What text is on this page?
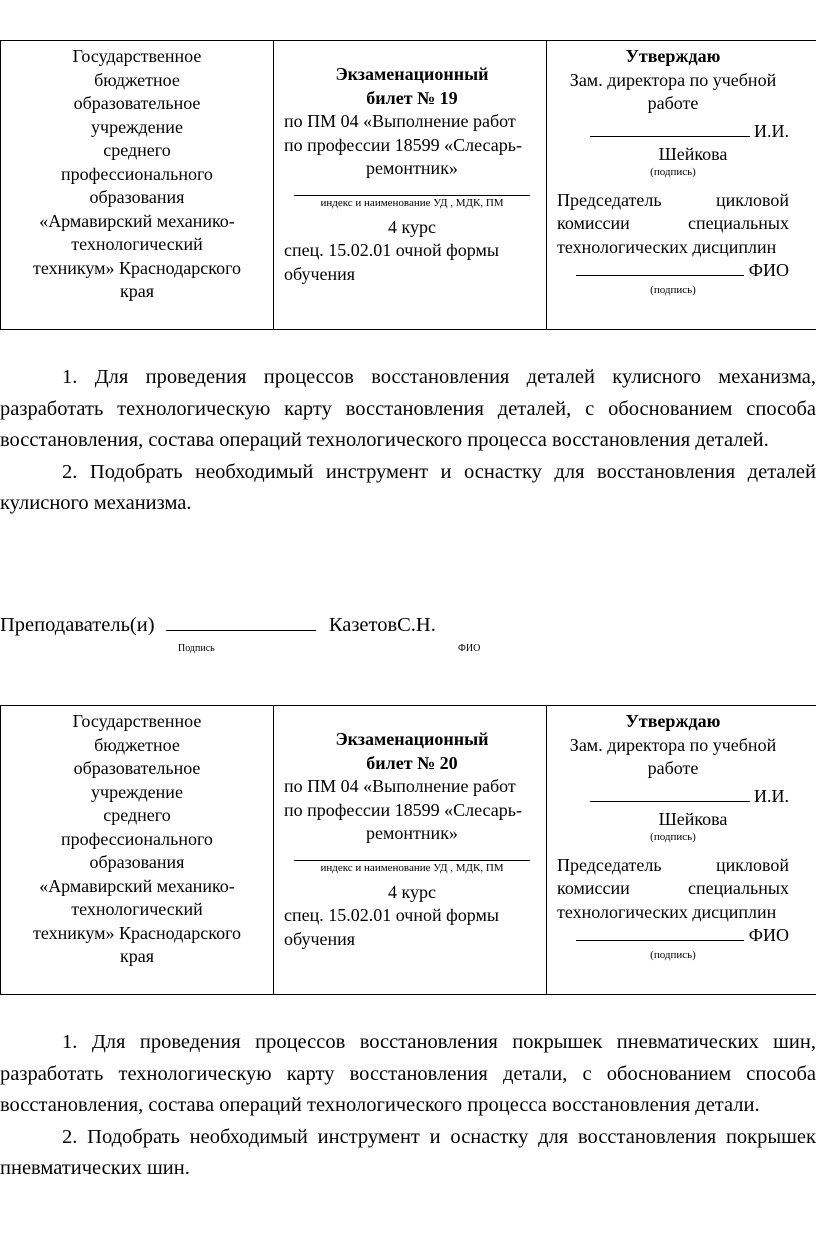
Государственное
бюджетное
образовательное
учреждение
среднего
профессионального
образования
«Армавирский механико-
технологический
техникум» Краснодарского
края

Экзаменационный
билет № 19
по ПМ 04 «Выполнение работ
по профессии 18599 «Слесарь-
ремонтник»
индекс и наименование УД , МДК, ПМ
4 курс
спец. 15.02.01 очной формы
обучения

Утверждаю
Зам. директора по учебной
работе
И.И.
Шейкова
(подпись)
Председатель	цикловой
комиссии	специальных
технологических дисциплин
ФИО
(подпись)

1. Для проведения процессов восстановления деталей кулисного механизма, разработать технологическую карту восстановления деталей, с обоснованием способа восстановления, состава операций технологического процесса восстановления деталей.

2. Подобрать необходимый инструмент и оснастку для восстановления деталей кулисного механизма.

Преподаватель(и)	КазетовС.Н.
Подпись	ФИО
Государственное
бюджетное
образовательное
учреждение
среднего
профессионального
образования
«Армавирский механико-
технологический
техникум» Краснодарского
края

Экзаменационный
билет № 20
по ПМ 04 «Выполнение работ
по профессии 18599 «Слесарь-
ремонтник»
индекс и наименование УД , МДК, ПМ
4 курс
спец. 15.02.01 очной формы
обучения

Утверждаю
Зам. директора по учебной
работе
И.И.
Шейкова
(подпись)
Председатель	цикловой
комиссии	специальных
технологических дисциплин
ФИО
(подпись)

1. Для проведения процессов восстановления покрышек пневматических шин, разработать технологическую карту восстановления детали, с обоснованием способа восстановления, состава операций технологического процесса восстановления детали.

2. Подобрать необходимый инструмент и оснастку для восстановления покрышек пневматических шин.
